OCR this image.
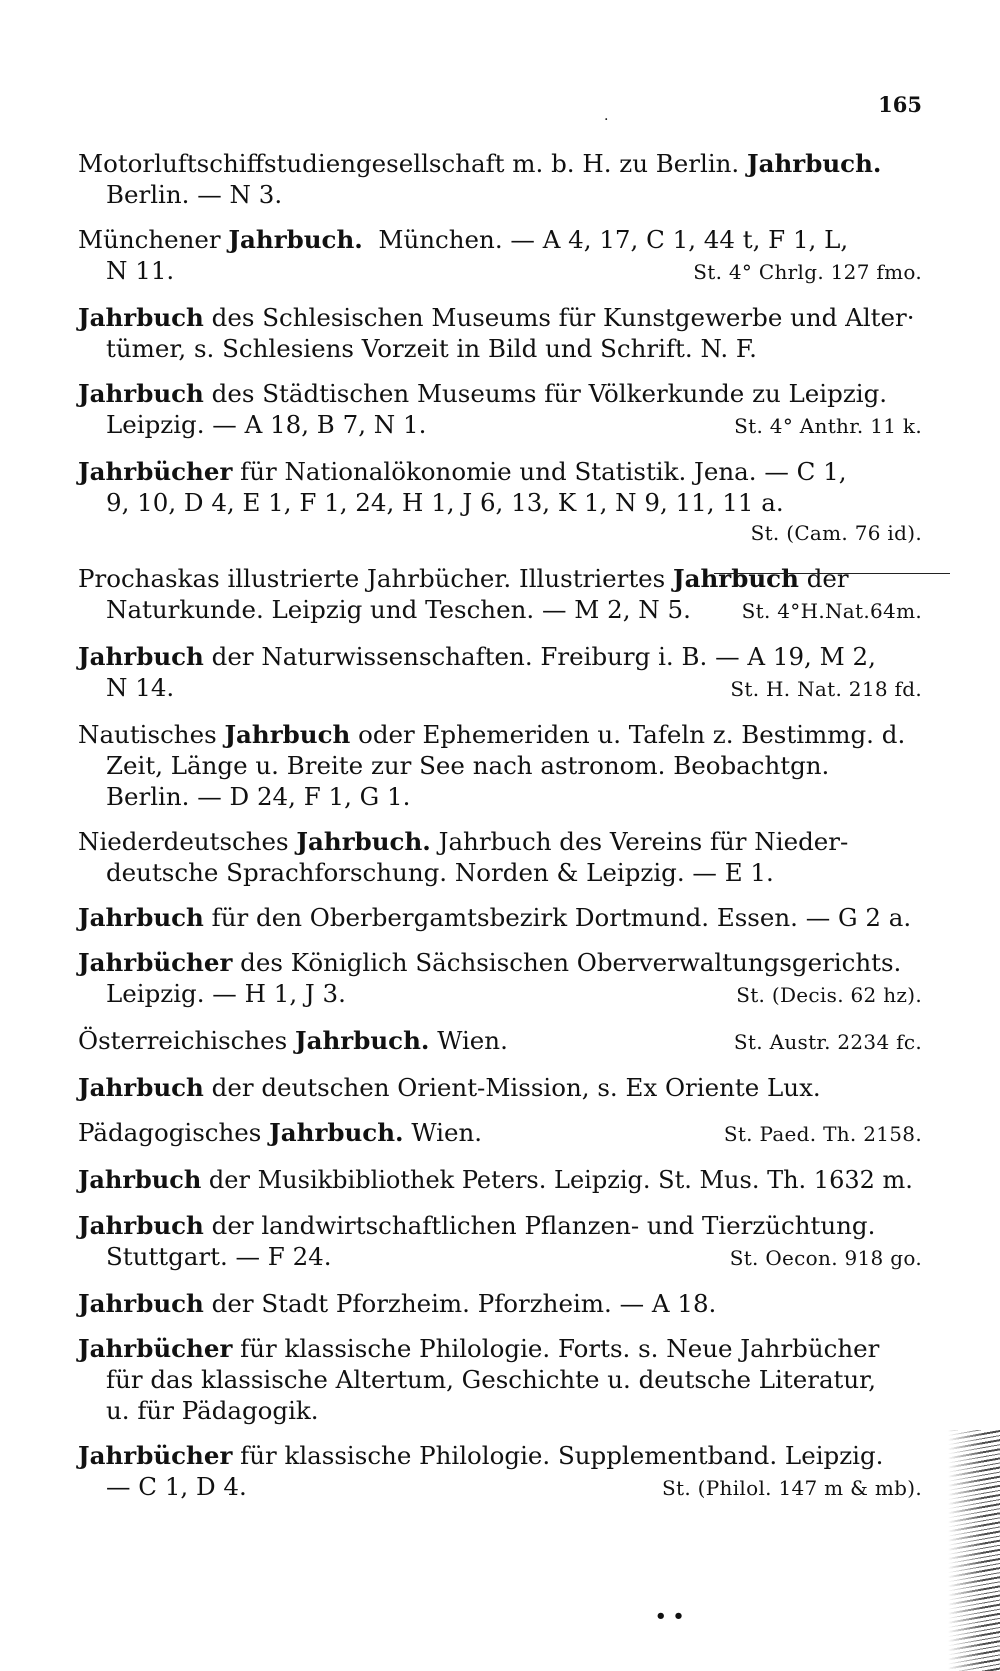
165
.
Motorluftschiffstudiengesellschaft m. b. H. zu Berlin. Jahrbuch.
Berlin. — N 3.
Münchener Jahrbuch.  München. — A 4, 17, C 1, 44 t, F 1, L,
N 11.	St. 4° Chrlg. 127 fmo.
Jahrbuch des Schlesischen Museums für Kunstgewerbe und Alter·
tümer, s. Schlesiens Vorzeit in Bild und Schrift. N. F.
Jahrbuch des Städtischen Museums für Völkerkunde zu Leipzig.
Leipzig. — A 18, B 7, N 1.	St. 4° Anthr. 11 k.
Jahrbücher für Nationalökonomie und Statistik. Jena. — C 1,
9, 10, D 4, E 1, F 1, 24, H 1, J 6, 13, K 1, N 9, 11, 11 a.
St. (Cam. 76 id).
Prochaskas illustrierte Jahrbücher. Illustriertes Jahrbuch der
Naturkunde. Leipzig und Teschen. — M 2, N 5.	St. 4°H.Nat.64m.
Jahrbuch der Naturwissenschaften. Freiburg i. B. — A 19, M 2,
N 14.	St. H. Nat. 218 fd.
Nautisches Jahrbuch oder Ephemeriden u. Tafeln z. Bestimmg. d.
Zeit, Länge u. Breite zur See nach astronom. Beobachtgn.
Berlin. — D 24, F 1, G 1.
Niederdeutsches Jahrbuch. Jahrbuch des Vereins für Nieder-
deutsche Sprachforschung. Norden & Leipzig. — E 1.
Jahrbuch für den Oberbergamtsbezirk Dortmund. Essen. — G 2 a.
Jahrbücher des Königlich Sächsischen Oberverwaltungsgerichts.
Leipzig. — H 1, J 3.	St. (Decis. 62 hz).
Österreichisches Jahrbuch. Wien.	St. Austr. 2234 fc.
Jahrbuch der deutschen Orient-Mission, s. Ex Oriente Lux.
Pädagogisches Jahrbuch. Wien.	St. Paed. Th. 2158.
Jahrbuch der Musikbibliothek Peters. Leipzig. St. Mus. Th. 1632 m.
Jahrbuch der landwirtschaftlichen Pflanzen- und Tierzüchtung.
Stuttgart. — F 24.	St. Oecon. 918 go.
Jahrbuch der Stadt Pforzheim. Pforzheim. — A 18.
Jahrbücher für klassische Philologie. Forts. s. Neue Jahrbücher
für das klassische Altertum, Geschichte u. deutsche Literatur,
u. für Pädagogik.
Jahrbücher für klassische Philologie. Supplementband. Leipzig.
— C 1, D 4.	St. (Philol. 147 m & mb).
• •
